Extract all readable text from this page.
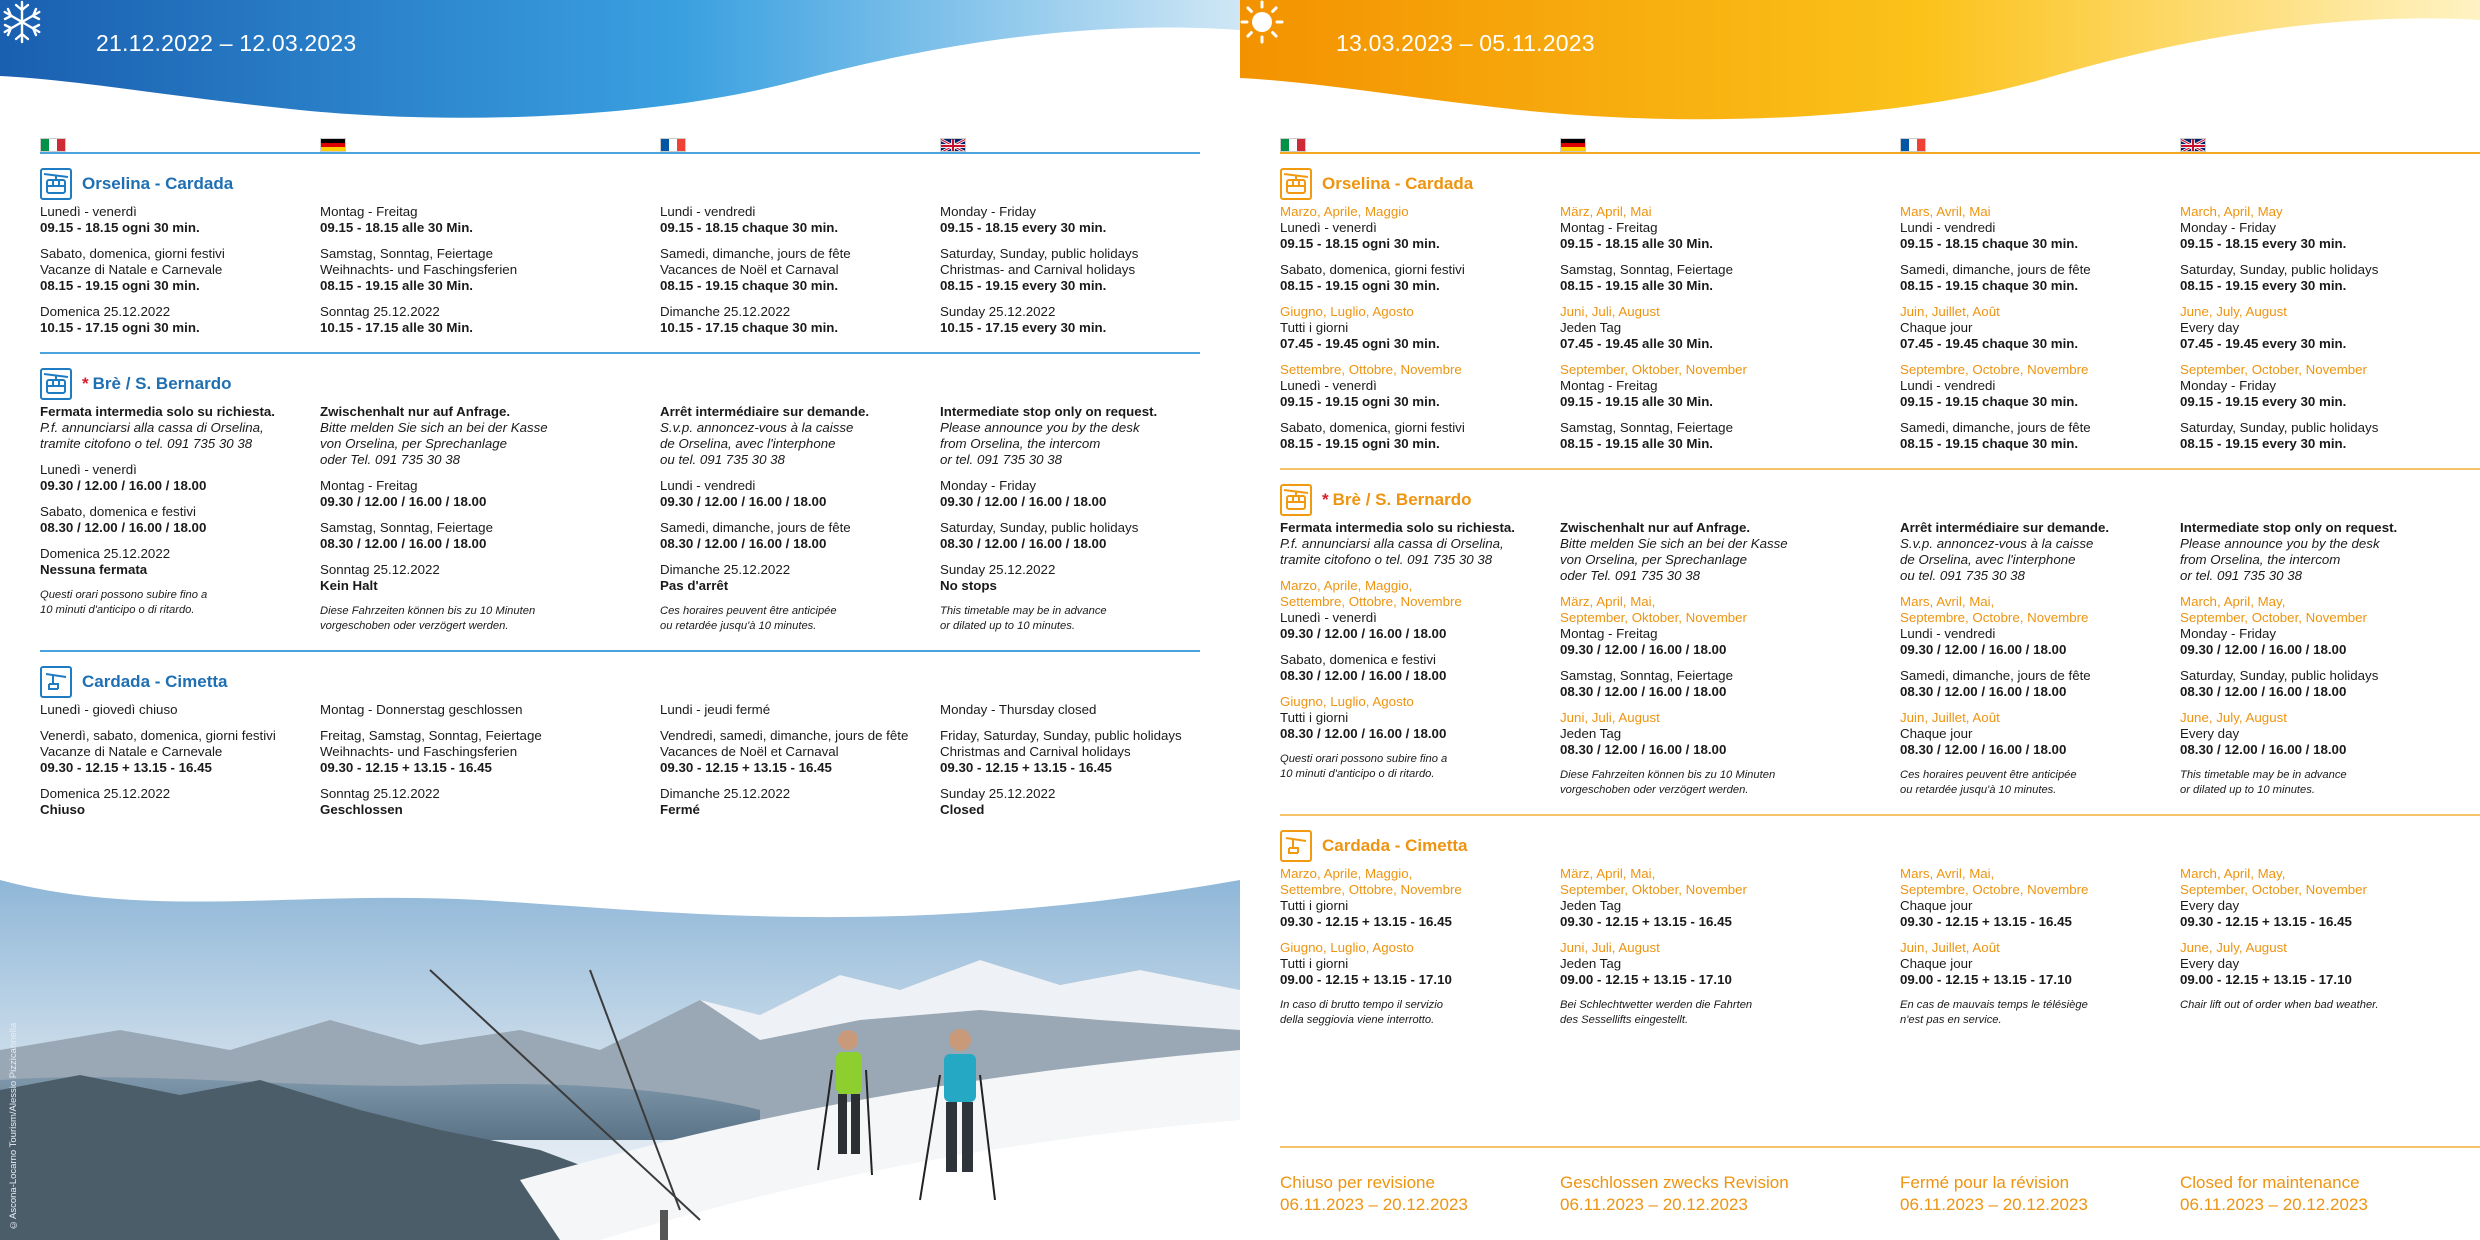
21.12.2022 – 12.03.2023
Orselina - Cardada
Lunedì - venerdì
09.15 - 18.15 ogni 30 min.
Sabato, domenica, giorni festivi
Vacanze di Natale e Carnevale
08.15 - 19.15 ogni 30 min.
Domenica 25.12.2022
10.15 - 17.15 ogni 30 min.
Montag - Freitag
09.15 - 18.15 alle 30 Min.
Samstag, Sonntag, Feiertage
Weihnachts- und Faschingsferien
08.15 - 19.15 alle 30 Min.
Sonntag 25.12.2022
10.15 - 17.15 alle 30 Min.
Lundi - vendredi
09.15 - 18.15 chaque 30 min.
Samedi, dimanche, jours de fête
Vacances de Noël et Carnaval
08.15 - 19.15 chaque 30 min.
Dimanche 25.12.2022
10.15 - 17.15 chaque 30 min.
Monday - Friday
09.15 - 18.15 every 30 min.
Saturday, Sunday, public holidays
Christmas- and Carnival holidays
08.15 - 19.15 every 30 min.
Sunday 25.12.2022
10.15 - 17.15 every 30 min.
* Brè / S. Bernardo
Fermata intermedia solo su richiesta.
P.f. annunciarsi alla cassa di Orselina,
tramite citofono o tel. 091 735 30 38
Lunedì - venerdì
09.30 / 12.00 / 16.00 / 18.00
Sabato, domenica e festivi
08.30 / 12.00 / 16.00 / 18.00
Domenica 25.12.2022
Nessuna fermata
Questi orari possono subire fino a
10 minuti d'anticipo o di ritardo.
Zwischenhalt nur auf Anfrage.
Bitte melden Sie sich an bei der Kasse
von Orselina, per Sprechanlage
oder Tel. 091 735 30 38
Montag - Freitag
09.30 / 12.00 / 16.00 / 18.00
Samstag, Sonntag, Feiertage
08.30 / 12.00 / 16.00 / 18.00
Sonntag 25.12.2022
Kein Halt
Diese Fahrzeiten können bis zu 10 Minuten
vorgeschoben oder verzögert werden.
Arrêt intermédiaire sur demande.
S.v.p. annoncez-vous à la caisse
de Orselina, avec l'interphone
ou tel. 091 735 30 38
Lundi - vendredi
09.30 / 12.00 / 16.00 / 18.00
Samedi, dimanche, jours de fête
08.30 / 12.00 / 16.00 / 18.00
Dimanche 25.12.2022
Pas d'arrêt
Ces horaires peuvent être anticipée
ou retardée jusqu'à 10 minutes.
Intermediate stop only on request.
Please announce you by the desk
from Orselina, the intercom
or tel. 091 735 30 38
Monday - Friday
09.30 / 12.00 / 16.00 / 18.00
Saturday, Sunday, public holidays
08.30 / 12.00 / 16.00 / 18.00
Sunday 25.12.2022
No stops
This timetable may be in advance
or dilated up to 10 minutes.
Cardada - Cimetta
Lunedì - giovedì chiuso
Venerdì, sabato, domenica, giorni festivi
Vacanze di Natale e Carnevale
09.30 - 12.15 + 13.15 - 16.45
Domenica 25.12.2022
Chiuso
Montag - Donnerstag geschlossen
Freitag, Samstag, Sonntag, Feiertage
Weihnachts- und Faschingsferien
09.30 - 12.15 + 13.15 - 16.45
Sonntag 25.12.2022
Geschlossen
Lundi - jeudi fermé
Vendredi, samedi, dimanche, jours de fête
Vacances de Noël et Carnaval
09.30 - 12.15 + 13.15 - 16.45
Dimanche 25.12.2022
Fermé
Monday - Thursday closed
Friday, Saturday, Sunday, public holidays
Christmas and Carnival holidays
09.30 - 12.15 + 13.15 - 16.45
Sunday 25.12.2022
Closed
©Ascona-Locarno Tourism/Alessio Pizzicannella
13.03.2023 – 05.11.2023
Orselina - Cardada
Marzo, Aprile, Maggio
Lunedì - venerdì
09.15 - 18.15 ogni 30 min.
Sabato, domenica, giorni festivi
08.15 - 19.15 ogni 30 min.
Giugno, Luglio, Agosto
Tutti i giorni
07.45 - 19.45 ogni 30 min.
Settembre, Ottobre, Novembre
Lunedì - venerdì
09.15 - 19.15 ogni 30 min.
Sabato, domenica, giorni festivi
08.15 - 19.15 ogni 30 min.
März, April, Mai
Montag - Freitag
09.15 - 18.15 alle 30 Min.
Samstag, Sonntag, Feiertage
08.15 - 19.15 alle 30 Min.
Juni, Juli, August
Jeden Tag
07.45 - 19.45 alle 30 Min.
September, Oktober, November
Montag - Freitag
09.15 - 19.15 alle 30 Min.
Samstag, Sonntag, Feiertage
08.15 - 19.15 alle 30 Min.
Mars, Avril, Mai
Lundi - vendredi
09.15 - 18.15 chaque 30 min.
Samedi, dimanche, jours de fête
08.15 - 19.15 chaque 30 min.
Juin, Juillet, Août
Chaque jour
07.45 - 19.45 chaque 30 min.
Septembre, Octobre, Novembre
Lundi - vendredi
09.15 - 19.15 chaque 30 min.
Samedi, dimanche, jours de fête
08.15 - 19.15 chaque 30 min.
March, April, May
Monday - Friday
09.15 - 18.15 every 30 min.
Saturday, Sunday, public holidays
08.15 - 19.15 every 30 min.
June, July, August
Every day
07.45 - 19.45 every 30 min.
September, October, November
Monday - Friday
09.15 - 19.15 every 30 min.
Saturday, Sunday, public holidays
08.15 - 19.15 every 30 min.
* Brè / S. Bernardo
Fermata intermedia solo su richiesta.
P.f. annunciarsi alla cassa di Orselina,
tramite citofono o tel. 091 735 30 38
Marzo, Aprile, Maggio,
Settembre, Ottobre, Novembre
Lunedì - venerdì
09.30 / 12.00 / 16.00 / 18.00
Sabato, domenica e festivi
08.30 / 12.00 / 16.00 / 18.00
Giugno, Luglio, Agosto
Tutti i giorni
08.30 / 12.00 / 16.00 / 18.00
Questi orari possono subire fino a
10 minuti d'anticipo o di ritardo.
Zwischenhalt nur auf Anfrage.
Bitte melden Sie sich an bei der Kasse
von Orselina, per Sprechanlage
oder Tel. 091 735 30 38
März, April, Mai,
September, Oktober, November
Montag - Freitag
09.30 / 12.00 / 16.00 / 18.00
Samstag, Sonntag, Feiertage
08.30 / 12.00 / 16.00 / 18.00
Juni, Juli, August
Jeden Tag
08.30 / 12.00 / 16.00 / 18.00
Diese Fahrzeiten können bis zu 10 Minuten
vorgeschoben oder verzögert werden.
Arrêt intermédiaire sur demande.
S.v.p. annoncez-vous à la caisse
de Orselina, avec l'interphone
ou tel. 091 735 30 38
Mars, Avril, Mai,
Septembre, Octobre, Novembre
Lundi - vendredi
09.30 / 12.00 / 16.00 / 18.00
Samedi, dimanche, jours de fête
08.30 / 12.00 / 16.00 / 18.00
Juin, Juillet, Août
Chaque jour
08.30 / 12.00 / 16.00 / 18.00
Ces horaires peuvent être anticipée
ou retardée jusqu'à 10 minutes.
Intermediate stop only on request.
Please announce you by the desk
from Orselina, the intercom
or tel. 091 735 30 38
March, April, May,
September, October, November
Monday - Friday
09.30 / 12.00 / 16.00 / 18.00
Saturday, Sunday, public holidays
08.30 / 12.00 / 16.00 / 18.00
June, July, August
Every day
08.30 / 12.00 / 16.00 / 18.00
This timetable may be in advance
or dilated up to 10 minutes.
Cardada - Cimetta
Marzo, Aprile, Maggio,
Settembre, Ottobre, Novembre
Tutti i giorni
09.30 - 12.15 + 13.15 - 16.45
Giugno, Luglio, Agosto
Tutti i giorni
09.00 - 12.15 + 13.15 - 17.10
In caso di brutto tempo il servizio
della seggiovia viene interrotto.
März, April, Mai,
September, Oktober, November
Jeden Tag
09.30 - 12.15 + 13.15 - 16.45
Juni, Juli, August
Jeden Tag
09.00 - 12.15 + 13.15 - 17.10
Bei Schlechtwetter werden die Fahrten
des Sessellifts eingestellt.
Mars, Avril, Mai,
Septembre, Octobre, Novembre
Chaque jour
09.30 - 12.15 + 13.15 - 16.45
Juin, Juillet, Août
Chaque jour
09.00 - 12.15 + 13.15 - 17.10
En cas de mauvais temps le télésiège
n'est pas en service.
March, April, May,
September, October, November
Every day
09.30 - 12.15 + 13.15 - 16.45
June, July, August
Every day
09.00 - 12.15 + 13.15 - 17.10
Chair lift out of order when bad weather.
Chiuso per revisione
06.11.2023 – 20.12.2023
Geschlossen zwecks Revision
06.11.2023 – 20.12.2023
Fermé pour la révision
06.11.2023 – 20.12.2023
Closed for maintenance
06.11.2023 – 20.12.2023
